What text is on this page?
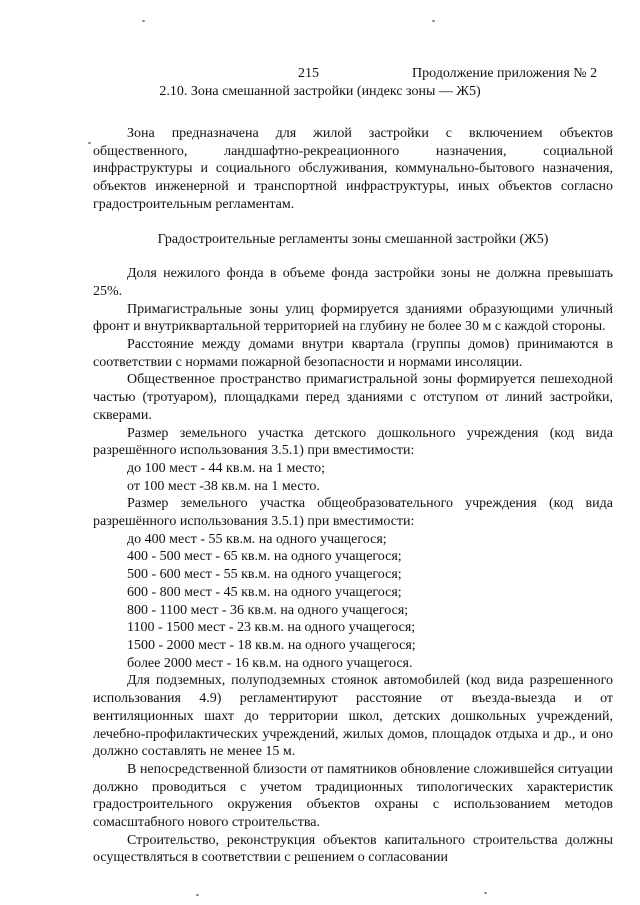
215	Продолжение приложения № 2
2.10. Зона смешанной застройки (индекс зоны — Ж5)

Зона предназначена для жилой застройки с включением объектов общественного, ландшафтно-рекреационного назначения, социальной инфраструктуры и социального обслуживания, коммунально-бытового назначения, объектов инженерной и транспортной инфраструктуры, иных объектов согласно градостроительным регламентам.

Градостроительные регламенты зоны смешанной застройки (Ж5)

Доля нежилого фонда в объеме фонда застройки зоны не должна превышать 25%.

Примагистральные зоны улиц формируется зданиями образующими уличный фронт и внутриквартальной территорией на глубину не более 30 м с каждой стороны.

Расстояние между домами внутри квартала (группы домов) принимаются в соответствии с нормами пожарной безопасности и нормами инсоляции.

Общественное пространство примагистральной зоны формируется пешеходной частью (тротуаром), площадками перед зданиями с отступом от линий застройки, скверами.

Размер земельного участка детского дошкольного учреждения (код вида разрешённого использования 3.5.1) при вместимости:

до 100 мест - 44 кв.м. на 1 место;

от 100 мест -38 кв.м. на 1 место.

Размер земельного участка общеобразовательного учреждения (код вида разрешённого использования 3.5.1) при вместимости:

до 400 мест - 55 кв.м. на одного учащегося;

400 - 500 мест - 65 кв.м. на одного учащегося;

500 - 600 мест - 55 кв.м. на одного учащегося;

600 - 800 мест - 45 кв.м. на одного учащегося;

800 - 1100 мест - 36 кв.м. на одного учащегося;

1100 - 1500 мест - 23 кв.м. на одного учащегося;

1500 - 2000 мест - 18 кв.м. на одного учащегося;

более 2000 мест - 16 кв.м. на одного учащегося.

Для подземных, полуподземных стоянок автомобилей (код вида разрешенного использования 4.9) регламентируют расстояние от въезда-выезда и от вентиляционных шахт до территории школ, детских дошкольных учреждений, лечебно-профилактических учреждений, жилых домов, площадок отдыха и др., и оно должно составлять не менее 15 м.

В непосредственной близости от памятников обновление сложившейся ситуации должно проводиться с учетом традиционных типологических характеристик градостроительного окружения объектов охраны с использованием методов сомасштабного нового строительства.

Строительство, реконструкция объектов капитального строительства должны осуществляться в соответствии с решением о согласовании
